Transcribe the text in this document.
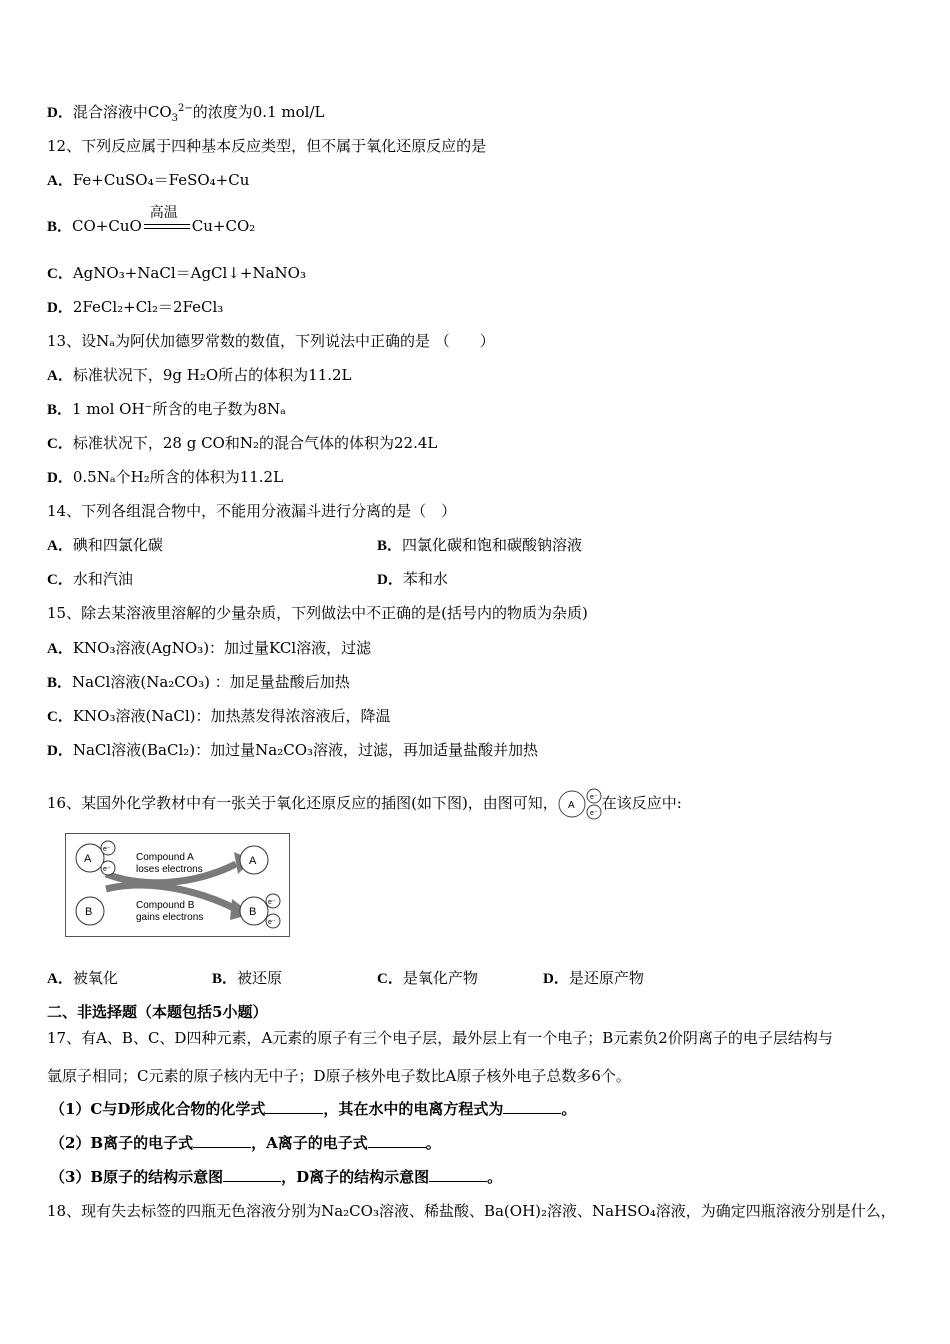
D．混合溶液中$CO_3^{2-}$的浓度为0.1 mol/L
12、下列反应属于四种基本反应类型，但不属于氧化还原反应的是
A．Fe+CuSO₄＝FeSO₄+Cu
B．CO+CuO
高温
Cu+CO₂
C．AgNO₃+NaCl＝AgCl↓+NaNO₃
D．2FeCl₂+Cl₂＝2FeCl₃
13、设Nₐ为阿伏加德罗常数的数值，下列说法中正确的是 （　　）
A．标准状况下，9g H₂O所占的体积为11.2L
B．1 mol OH⁻所含的电子数为8Nₐ
C．标准状况下，28 g CO和N₂的混合气体的体积为22.4L
D．0.5Nₐ个H₂所含的体积为11.2L
14、下列各组混合物中，不能用分液漏斗进行分离的是（　）
A．碘和四氯化碳	B．四氯化碳和饱和碳酸钠溶液
C．水和汽油	D．苯和水
15、除去某溶液里溶解的少量杂质，下列做法中不正确的是(括号内的物质为杂质)
A．KNO₃溶液(AgNO₃)：加过量KCl溶液，过滤
B．NaCl溶液(Na₂CO₃) ：加足量盐酸后加热
C．KNO₃溶液(NaCl)：加热蒸发得浓溶液后，降温
D．NaCl溶液(BaCl₂)：加过量Na₂CO₃溶液，过滤，再加适量盐酸并加热
16、某国外化学教材中有一张关于氧化还原反应的插图(如下图)，由图可知， A
e⁻
e⁻
在该反应中:
A
e⁻
e⁻
B
A
B
e⁻
e⁻
Compound A
loses electrons
Compound B
gains electrons
A．被氧化	B．被还原	C．是氧化产物	D．是还原产物
二、非选择题（本题包括5小题）
17、有A、B、C、D四种元素，A元素的原子有三个电子层，最外层上有一个电子；B元素负2价阴离子的电子层结构与
氩原子相同；C元素的原子核内无中子；D原子核外电子数比A原子核外电子总数多6个。
（1）C与D形成化合物的化学式	，其在水中的电离方程式为	。
（2）B离子的电子式	，A离子的电子式	。
（3）B原子的结构示意图	，D离子的结构示意图	。
18、现有失去标签的四瓶无色溶液分别为Na₂CO₃溶液、稀盐酸、Ba(OH)₂溶液、NaHSO₄溶液，为确定四瓶溶液分别是什么，
